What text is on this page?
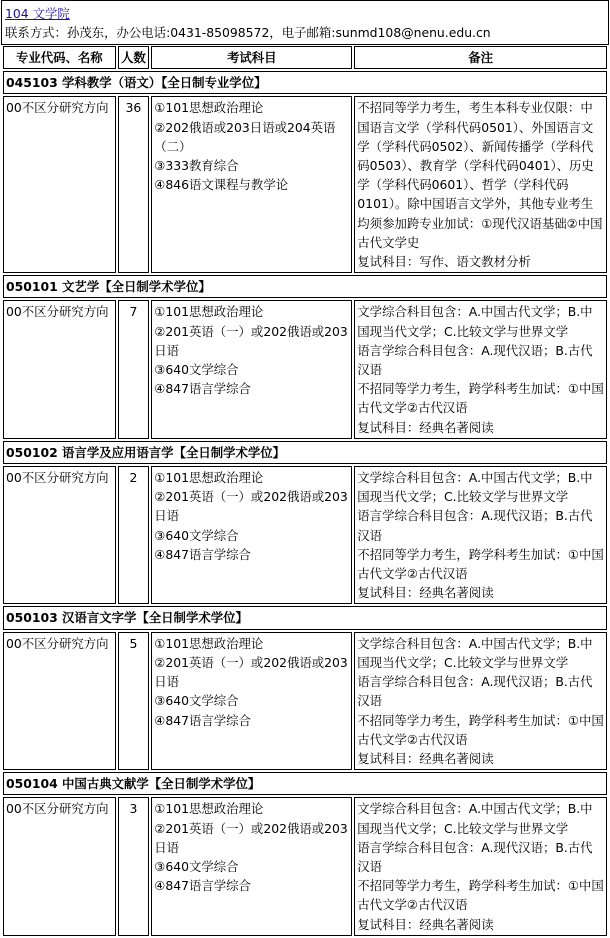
104 文学院
联系方式：孙茂东，办公电话:0431-85098572，电子邮箱:sunmd108@nenu.edu.cn
专业代码、名称	人数	考试科目	备注
045103 学科教学（语文）【全日制专业学位】			
00不区分研究方向	36	①101思想政治理论
②202俄语或203日语或204英语（二）
③333教育综合
④846语文课程与教学论	不招同等学力考生，考生本科专业仅限：中国语言文学（学科代码0501）、外国语言文学（学科代码0502）、新闻传播学（学科代码0503）、教育学（学科代码0401）、历史学（学科代码0601）、哲学（学科代码0101）。除中国语言文学外，其他专业考生均须参加跨专业加试：①现代汉语基础②中国古代文学史
复试科目：写作、语文教材分析

050101 文艺学【全日制学术学位】			
00不区分研究方向	7	①101思想政治理论
②201英语（一）或202俄语或203日语
③640文学综合
④847语言学综合	文学综合科目包含：A.中国古代文学；B.中国现当代文学；C.比较文学与世界文学
语言学综合科目包含：A.现代汉语；B.古代汉语
不招同等学力考生，跨学科考生加试：①中国古代文学②古代汉语
复试科目：经典名著阅读

050102 语言学及应用语言学【全日制学术学位】			
00不区分研究方向	2	①101思想政治理论
②201英语（一）或202俄语或203日语
③640文学综合
④847语言学综合	文学综合科目包含：A.中国古代文学；B.中国现当代文学；C.比较文学与世界文学
语言学综合科目包含：A.现代汉语；B.古代汉语
不招同等学力考生，跨学科考生加试：①中国古代文学②古代汉语
复试科目：经典名著阅读

050103 汉语言文字学【全日制学术学位】			
00不区分研究方向	5	①101思想政治理论
②201英语（一）或202俄语或203日语
③640文学综合
④847语言学综合	文学综合科目包含：A.中国古代文学；B.中国现当代文学；C.比较文学与世界文学
语言学综合科目包含：A.现代汉语；B.古代汉语
不招同等学力考生，跨学科考生加试：①中国古代文学②古代汉语
复试科目：经典名著阅读

050104 中国古典文献学【全日制学术学位】			
00不区分研究方向	3	①101思想政治理论
②201英语（一）或202俄语或203日语
③640文学综合
④847语言学综合	文学综合科目包含：A.中国古代文学；B.中国现当代文学；C.比较文学与世界文学
语言学综合科目包含：A.现代汉语；B.古代汉语
不招同等学力考生，跨学科考生加试：①中国古代文学②古代汉语
复试科目：经典名著阅读
